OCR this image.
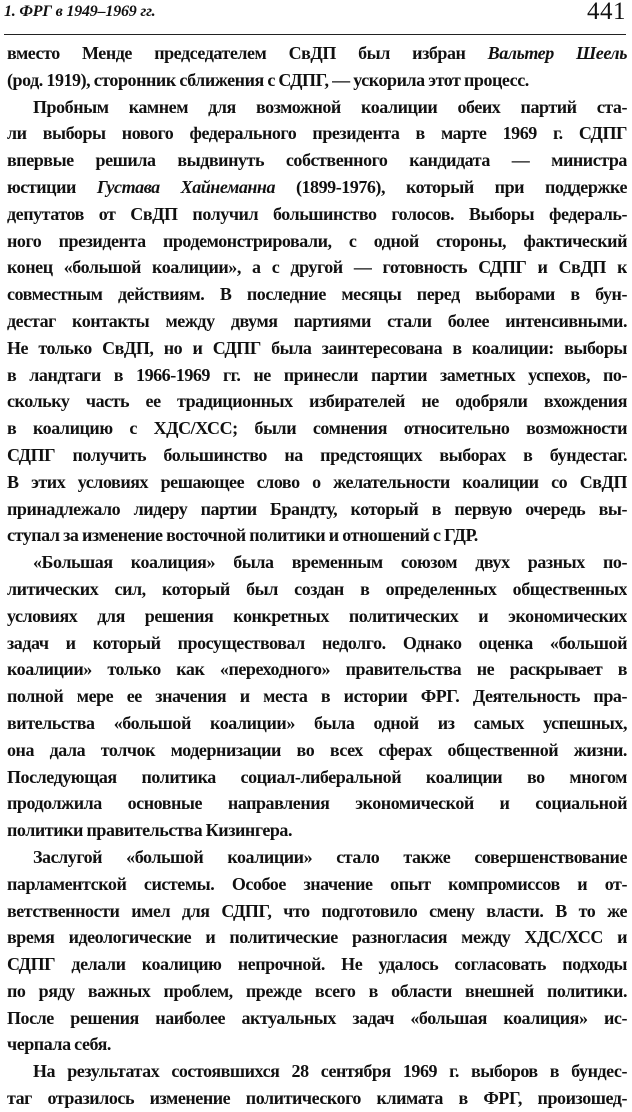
1. ФРГ в 1949–1969 гг.	441
вместо Менде председателем СвДП был избран Вальтер Шеель
(род. 1919), сторонник сближения с СДПГ, — ускорила этот процесс.
Пробным камнем для возможной коалиции обеих партий ста-
ли выборы нового федерального президента в марте 1969 г. СДПГ
впервые решила выдвинуть собственного кандидата — министра
юстиции Густава Хайнеманна (1899-1976), который при поддержке
депутатов от СвДП получил большинство голосов. Выборы федераль-
ного президента продемонстрировали, с одной стороны, фактический
конец «большой коалиции», а с другой — готовность СДПГ и СвДП к
совместным действиям. В последние месяцы перед выборами в бун-
дестаг контакты между двумя партиями стали более интенсивными.
Не только СвДП, но и СДПГ была заинтересована в коалиции: выборы
в ландтаги в 1966-1969 гг. не принесли партии заметных успехов, по-
скольку часть ее традиционных избирателей не одобряли вхождения
в коалицию с ХДС/ХСС; были сомнения относительно возможности
СДПГ получить большинство на предстоящих выборах в бундестаг.
В этих условиях решающее слово о желательности коалиции со СвДП
принадлежало лидеру партии Брандту, который в первую очередь вы-
ступал за изменение восточной политики и отношений с ГДР.
«Большая коалиция» была временным союзом двух разных по-
литических сил, который был создан в определенных общественных
условиях для решения конкретных политических и экономических
задач и который просуществовал недолго. Однако оценка «большой
коалиции» только как «переходного» правительства не раскрывает в
полной мере ее значения и места в истории ФРГ. Деятельность пра-
вительства «большой коалиции» была одной из самых успешных,
она дала толчок модернизации во всех сферах общественной жизни.
Последующая политика социал-либеральной коалиции во многом
продолжила основные направления экономической и социальной
политики правительства Кизингера.
Заслугой «большой коалиции» стало также совершенствование
парламентской системы. Особое значение опыт компромиссов и от-
ветственности имел для СДПГ, что подготовило смену власти. В то же
время идеологические и политические разногласия между ХДС/ХСС и
СДПГ делали коалицию непрочной. Не удалось согласовать подходы
по ряду важных проблем, прежде всего в области внешней политики.
После решения наиболее актуальных задач «большая коалиция» ис-
черпала себя.
На результатах состоявшихся 28 сентября 1969 г. выборов в бундес-
таг отразилось изменение политического климата в ФРГ, произошед-
